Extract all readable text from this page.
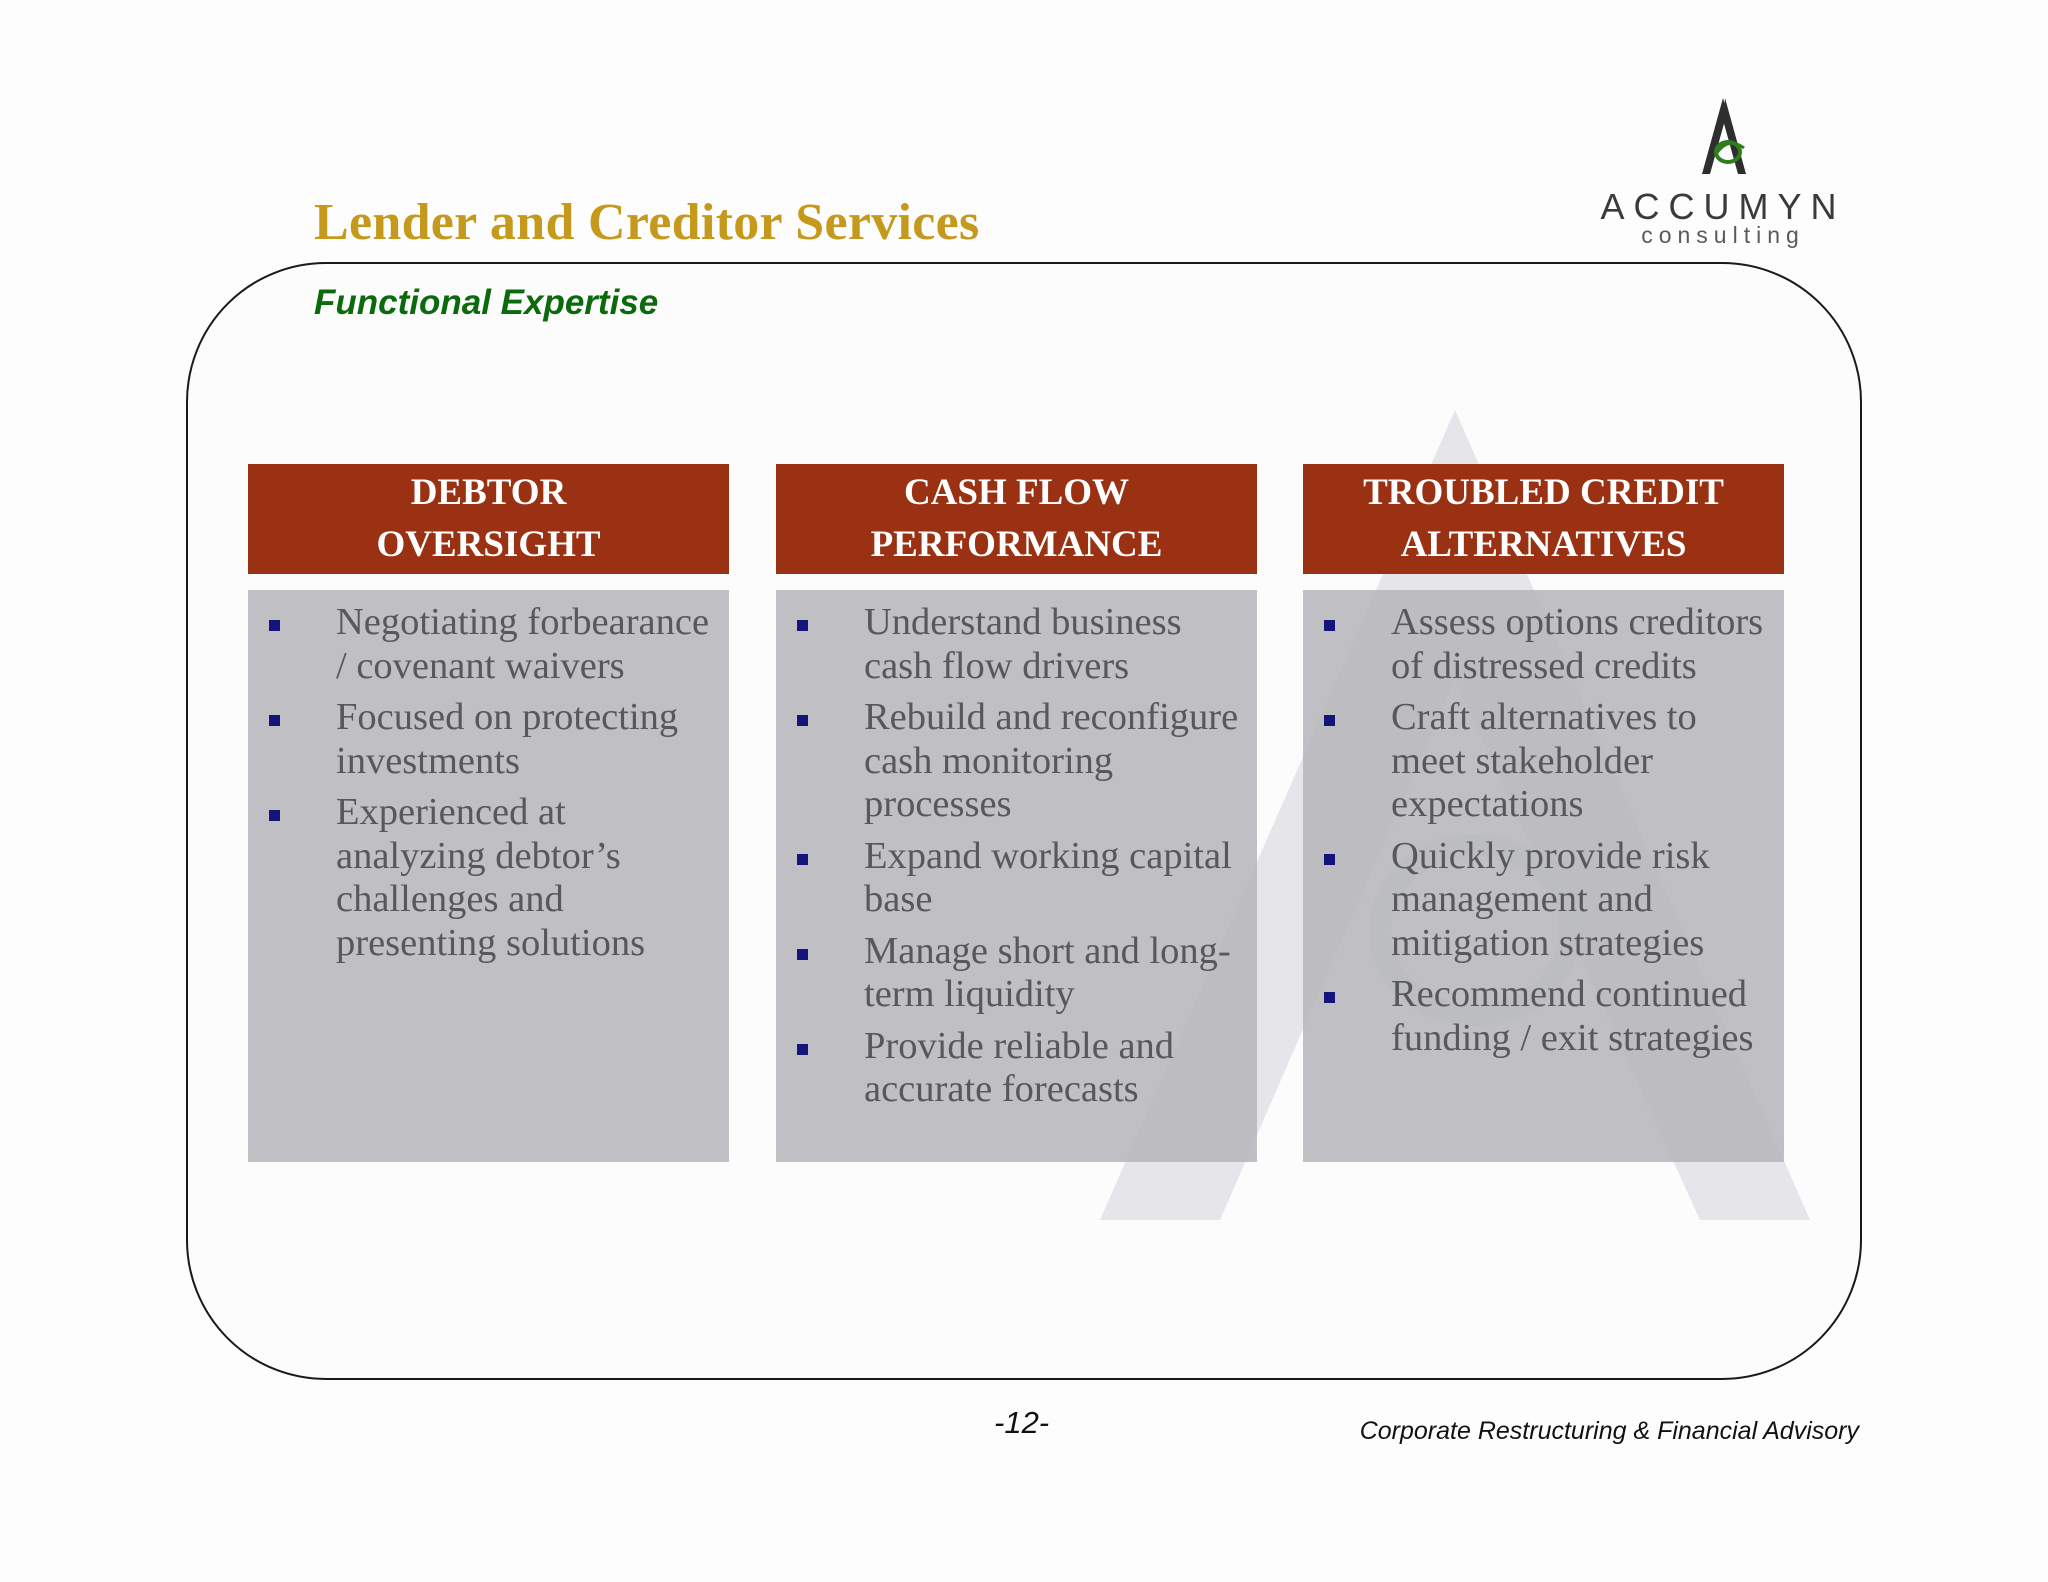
Lender and Creditor Services	ACCUMYN
consulting
Functional Expertise
DEBTOR
OVERSIGHT
Negotiating forbearance / covenant waivers
Focused on protecting investments
Experienced at analyzing debtor’s challenges and presenting solutions
CASH FLOW
PERFORMANCE
Understand business cash flow drivers
Rebuild and reconfigure cash monitoring processes
Expand working capital base
Manage short and long-term liquidity
Provide reliable and accurate forecasts
TROUBLED CREDIT
ALTERNATIVES
Assess options creditors of distressed credits
Craft alternatives to meet stakeholder expectations
Quickly provide risk management and mitigation strategies
Recommend continued funding / exit strategies

-12-	Corporate Restructuring & Financial Advisory
